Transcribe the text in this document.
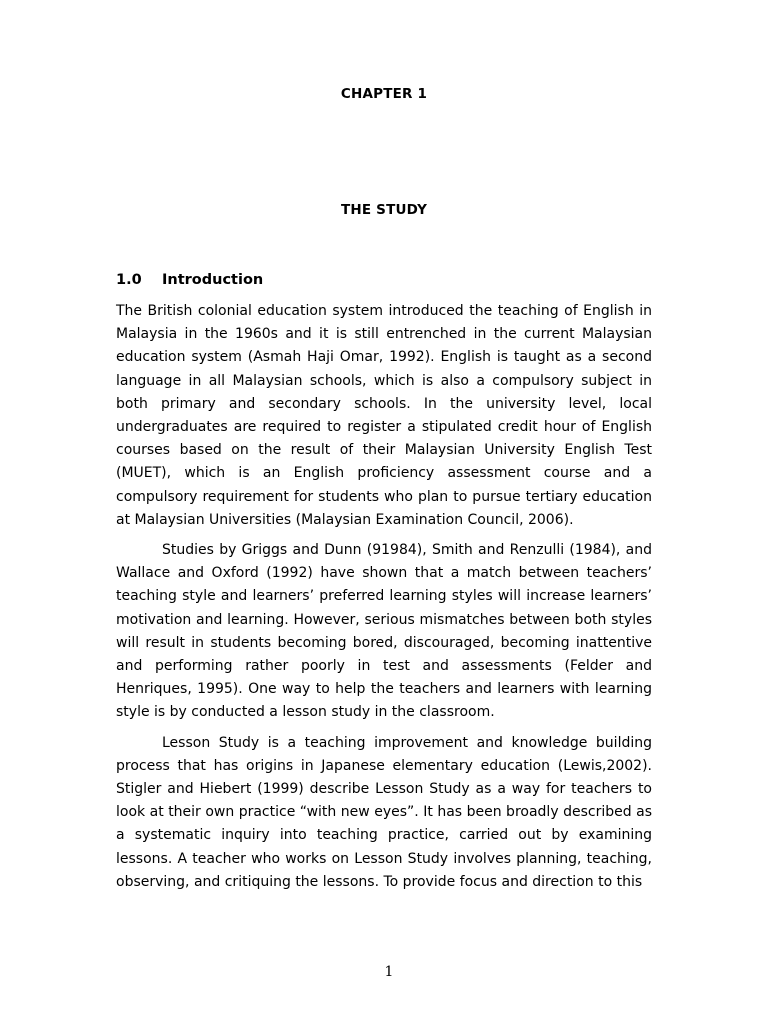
CHAPTER 1
THE STUDY
1.0 Introduction

The British colonial education system introduced the teaching of English in Malaysia in the 1960s and it is still entrenched in the current Malaysian education system (Asmah Haji Omar, 1992). English is taught as a second language in all Malaysian schools, which is also a compulsory subject in both primary and secondary schools. In the university level, local undergraduates are required to register a stipulated credit hour of English courses based on the result of their Malaysian University English Test (MUET), which is an English proficiency assessment course and a compulsory requirement for students who plan to pursue tertiary education at Malaysian Universities (Malaysian Examination Council, 2006).

Studies by Griggs and Dunn (91984), Smith and Renzulli (1984), and Wallace and Oxford (1992) have shown that a match between teachers’ teaching style and learners’ preferred learning styles will increase learners’ motivation and learning. However, serious mismatches between both styles will result in students becoming bored, discouraged, becoming inattentive and performing rather poorly in test and assessments (Felder and Henriques, 1995). One way to help the teachers and learners with learning style is by conducted a lesson study in the classroom.

Lesson Study is a teaching improvement and knowledge building process that has origins in Japanese elementary education (Lewis,2002). Stigler and Hiebert (1999) describe Lesson Study as a way for teachers to look at their own practice “with new eyes”. It has been broadly described as a systematic inquiry into teaching practice, carried out by examining lessons. A teacher who works on Lesson Study involves planning, teaching, observing, and critiquing the lessons. To provide focus and direction to this

1
